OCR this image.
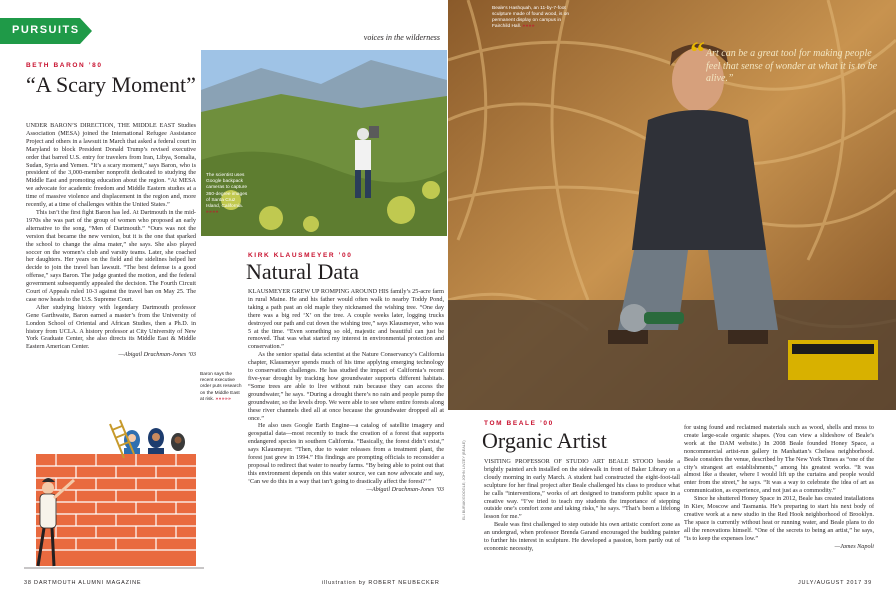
PURSUITS
voices in the wilderness
BETH BARON ’80
“A Scary Moment”

UNDER BARON’S DIRECTION, THE MIDDLE EAST Studies Association (MESA) joined the International Refugee Assistance Project and others in a lawsuit in March that asked a federal court in Maryland to block President Donald Trump’s revised executive order that barred U.S. entry for travelers from Iran, Libya, Somalia, Sudan, Syria and Yemen. “It’s a scary moment,” says Baron, who is president of the 3,000-member nonprofit dedicated to studying the Middle East and promoting education about the region. “At MESA we advocate for academic freedom and Middle Eastern studies at a time of massive violence and displacement in the region and, more recently, at a time of challenges within the United States.”

This isn’t the first fight Baron has led. At Dartmouth in the mid-1970s she was part of the group of women who proposed an early alternative to the song, “Men of Dartmouth.” “Ours was not the version that became the new version, but it is the one that sparked the school to change the alma mater,” she says. She also played soccer on the women’s club and varsity teams. Later, she coached her daughters. Her years on the field and the sidelines helped her decide to join the travel ban lawsuit. “The best defense is a good offense,” says Baron. The judge granted the motion, and the federal government subsequently appealed the decision. The Fourth Circuit Court of Appeals ruled 10-3 against the travel ban on May 25. The case now heads to the U.S. Supreme Court.

After studying history with legendary Dartmouth professor Gene Garthwaite, Baron earned a master’s from the University of London School of Oriental and African Studies, then a Ph.D. in history from UCLA. A history professor at City University of New York Graduate Center, she also directs its Middle East & Middle Eastern American Center.

—Abigail Drachman-Jones ’03
Baron says the recent executive order puts research on the Middle East at risk. »»»»»
The scientist uses Google backpack cameras to capture 360-degree images of Santa Cruz Island, California. »»»»
KIRK KLAUSMEYER ’00
Natural Data

KLAUSMEYER GREW UP ROMPING AROUND HIS family’s 25-acre farm in rural Maine. He and his father would often walk to nearby Toddy Pond, taking a path past an old maple they nicknamed the wishing tree. “One day there was a big red ‘X’ on the tree. A couple weeks later, logging trucks destroyed our path and cut down the wishing tree,” says Klausmeyer, who was 5 at the time. “Even something so old, majestic and beautiful can just be removed. That was what started my interest in environmental protection and conservation.”

As the senior spatial data scientist at the Nature Conservancy’s California chapter, Klausmeyer spends much of his time applying emerging technology to conservation challenges. He has studied the impact of California’s recent five-year drought by tracking how groundwater supports different habitats. “Some trees are able to live without rain because they can access the groundwater,” he says. “During a drought there’s no rain and people pump the groundwater, so the levels drop. We were able to see where entire forests along these river channels died all at once because the groundwater dropped all at once.”

He also uses Google Earth Engine—a catalog of satellite imagery and geospatial data—most recently to track the creation of a forest that supports endangered species in southern California. “Basically, the forest didn’t exist,” says Klausmeyer. “Then, due to water releases from a treatment plant, the forest just grew in 1994.” His findings are prompting officials to reconsider a proposal to redirect that water to nearby farms. “By being able to point out that this environment depends on this water source, we can now advocate and say, ‘Can we do this in a way that isn’t going to drastically affect the forest?’ ”

—Abigail Drachman-Jones ’03
Beale’s Hashquah, an 11-by-7-foot sculpture made of found wood, is on permanent display on campus in Fairchild Hall. »»»»
“ Art can be a great tool for making people feel that sense of wonder at what it is to be alive.”
TOM BEALE ’00
Organic Artist

VISITING PROFESSOR OF STUDIO ART BEALE STOOD beside a brightly painted arch installed on the sidewalk in front of Baker Library on a cloudy morning in early March. A student had constructed the eight-foot-tall sculpture for her final project after Beale challenged his class to produce what he calls “interventions,” works of art designed to transform public space in a creative way. “I’ve tried to teach my students the importance of stepping outside one’s comfort zone and taking risks,” he says. “That’s been a lifelong lesson for me.”

Beale was first challenged to step outside his own artistic comfort zone as an undergrad, when professor Brenda Garand encouraged the budding painter to further his interest in sculpture. He developed a passion, born partly out of economic necessity,

for using found and reclaimed materials such as wood, shells and moss to create large-scale organic shapes. (You can view a slideshow of Beale’s work at the DAM website.) In 2008 Beale founded Honey Space, a noncommercial artist-run gallery in Manhattan’s Chelsea neighborhood. Beale considers the venue, described by The New York Times as “one of the city’s strangest art establishments,” among his greatest works. “It was almost like a theater, where I would lift up the curtains and people would enter from the street,” he says. “It was a way to celebrate the idea of art as communication, as experience, and not just as a commodity.”

Since he shuttered Honey Space in 2012, Beale has created installations in Kiev, Moscow and Tasmania. He’s preparing to start his next body of creative work at a new studio in the Red Hook neighborhood of Brooklyn. The space is currently without heat or running water, and Beale plans to do all the renovations himself. “One of the secrets to being an artist,” he says, “is to keep the expenses low.”

—James Napoli
38 DARTMOUTH ALUMNI MAGAZINE	illustration by ROBERT NEUBECKER	JULY/AUGUST 2017 39
ELI BURAK/GOOGLE; JOHN LIVZEY (BEALE)
